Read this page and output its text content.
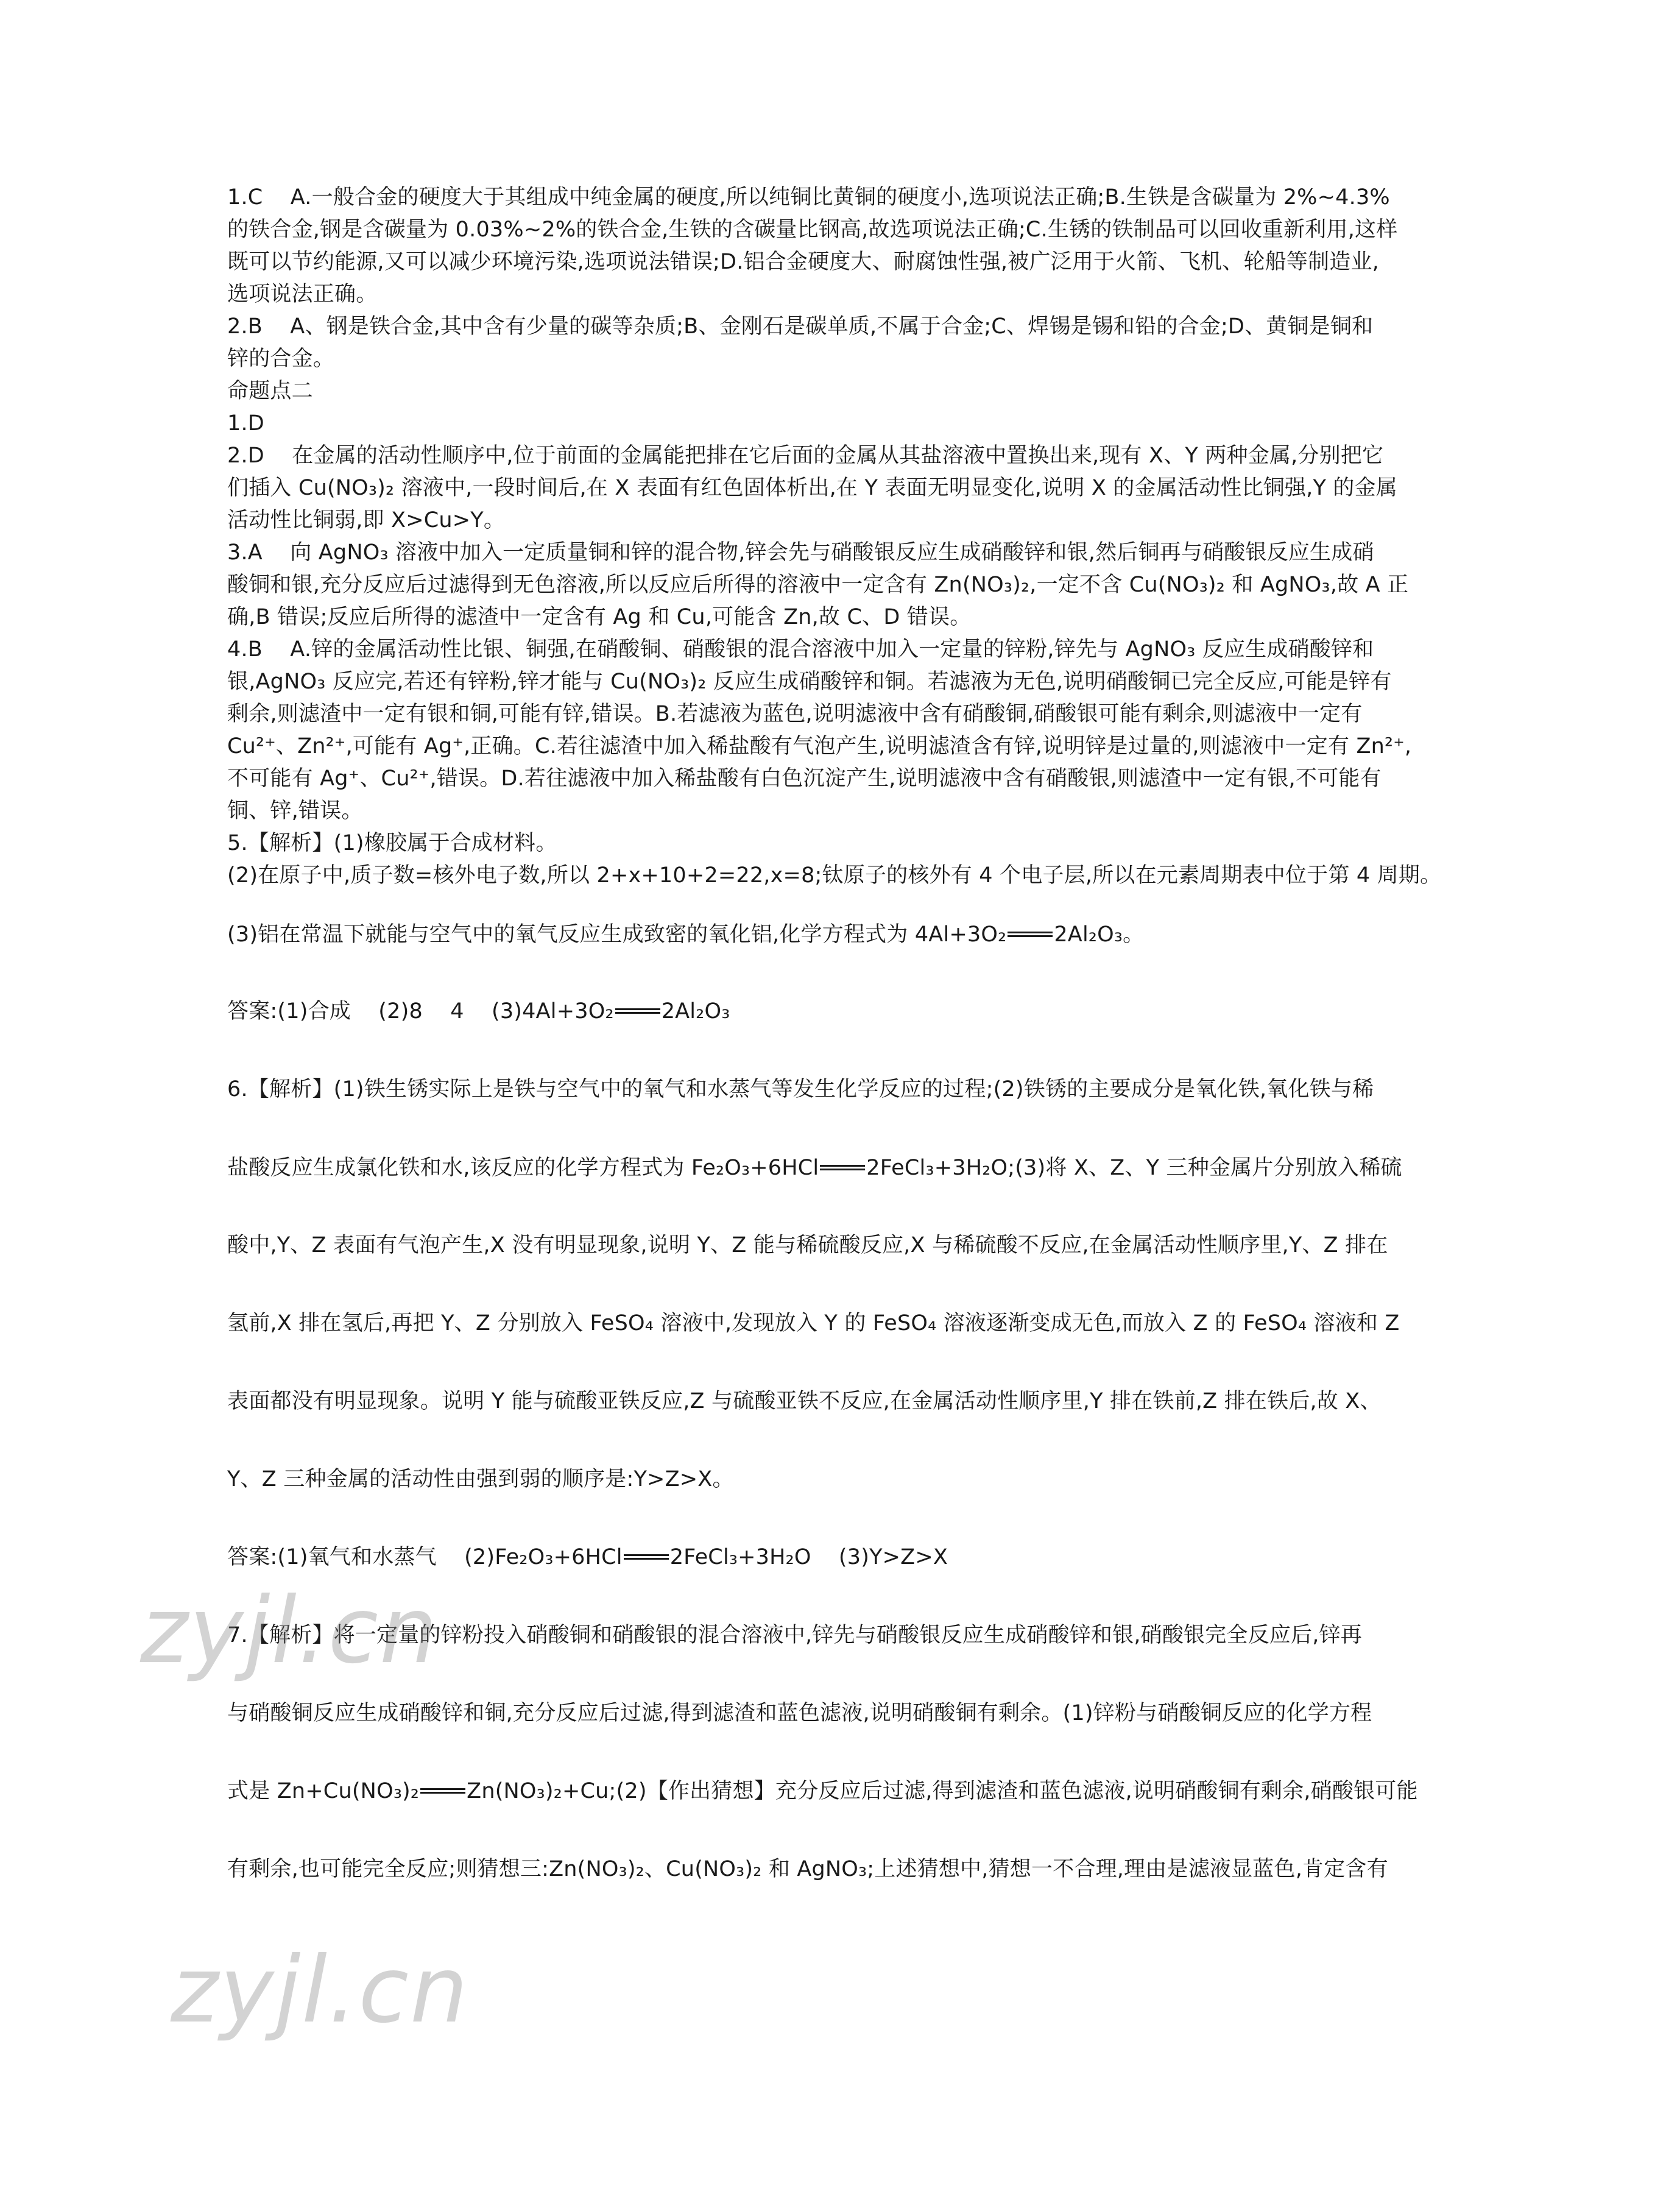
1.C    A.一般合金的硬度大于其组成中纯金属的硬度,所以纯铜比黄铜的硬度小,选项说法正确;B.生铁是含碳量为 2%~4.3%
的铁合金,钢是含碳量为 0.03%~2%的铁合金,生铁的含碳量比钢高,故选项说法正确;C.生锈的铁制品可以回收重新利用,这样
既可以节约能源,又可以减少环境污染,选项说法错误;D.铝合金硬度大、耐腐蚀性强,被广泛用于火箭、飞机、轮船等制造业,
选项说法正确。
2.B    A、钢是铁合金,其中含有少量的碳等杂质;B、金刚石是碳单质,不属于合金;C、焊锡是锡和铅的合金;D、黄铜是铜和
锌的合金。
命题点二
1.D
2.D    在金属的活动性顺序中,位于前面的金属能把排在它后面的金属从其盐溶液中置换出来,现有 X、Y 两种金属,分别把它
们插入 Cu(NO₃)₂ 溶液中,一段时间后,在 X 表面有红色固体析出,在 Y 表面无明显变化,说明 X 的金属活动性比铜强,Y 的金属
活动性比铜弱,即 X>Cu>Y。
3.A    向 AgNO₃ 溶液中加入一定质量铜和锌的混合物,锌会先与硝酸银反应生成硝酸锌和银,然后铜再与硝酸银反应生成硝
酸铜和银,充分反应后过滤得到无色溶液,所以反应后所得的溶液中一定含有 Zn(NO₃)₂,一定不含 Cu(NO₃)₂ 和 AgNO₃,故 A 正
确,B 错误;反应后所得的滤渣中一定含有 Ag 和 Cu,可能含 Zn,故 C、D 错误。
4.B    A.锌的金属活动性比银、铜强,在硝酸铜、硝酸银的混合溶液中加入一定量的锌粉,锌先与 AgNO₃ 反应生成硝酸锌和
银,AgNO₃ 反应完,若还有锌粉,锌才能与 Cu(NO₃)₂ 反应生成硝酸锌和铜。若滤液为无色,说明硝酸铜已完全反应,可能是锌有
剩余,则滤渣中一定有银和铜,可能有锌,错误。B.若滤液为蓝色,说明滤液中含有硝酸铜,硝酸银可能有剩余,则滤液中一定有
Cu²⁺、Zn²⁺,可能有 Ag⁺,正确。C.若往滤渣中加入稀盐酸有气泡产生,说明滤渣含有锌,说明锌是过量的,则滤液中一定有 Zn²⁺,
不可能有 Ag⁺、Cu²⁺,错误。D.若往滤液中加入稀盐酸有白色沉淀产生,说明滤液中含有硝酸银,则滤渣中一定有银,不可能有
铜、锌,错误。
5.【解析】(1)橡胶属于合成材料。
(2)在原子中,质子数=核外电子数,所以 2+x+10+2=22,x=8;钛原子的核外有 4 个电子层,所以在元素周期表中位于第 4 周期。
(3)铝在常温下就能与空气中的氧气反应生成致密的氧化铝,化学方程式为 4Al+3O₂ 2Al₂O₃。
答案:(1)合成    (2)8    4    (3)4Al+3O₂ 2Al₂O₃
6.【解析】(1)铁生锈实际上是铁与空气中的氧气和水蒸气等发生化学反应的过程;(2)铁锈的主要成分是氧化铁,氧化铁与稀
盐酸反应生成氯化铁和水,该反应的化学方程式为 Fe₂O₃+6HCl 2FeCl₃+3H₂O;(3)将 X、Z、Y 三种金属片分别放入稀硫
酸中,Y、Z 表面有气泡产生,X 没有明显现象,说明 Y、Z 能与稀硫酸反应,X 与稀硫酸不反应,在金属活动性顺序里,Y、Z 排在
氢前,X 排在氢后,再把 Y、Z 分别放入 FeSO₄ 溶液中,发现放入 Y 的 FeSO₄ 溶液逐渐变成无色,而放入 Z 的 FeSO₄ 溶液和 Z
表面都没有明显现象。说明 Y 能与硫酸亚铁反应,Z 与硫酸亚铁不反应,在金属活动性顺序里,Y 排在铁前,Z 排在铁后,故 X、
Y、Z 三种金属的活动性由强到弱的顺序是:Y>Z>X。
答案:(1)氧气和水蒸气    (2)Fe₂O₃+6HCl 2FeCl₃+3H₂O    (3)Y>Z>X
7.【解析】将一定量的锌粉投入硝酸铜和硝酸银的混合溶液中,锌先与硝酸银反应生成硝酸锌和银,硝酸银完全反应后,锌再
与硝酸铜反应生成硝酸锌和铜,充分反应后过滤,得到滤渣和蓝色滤液,说明硝酸铜有剩余。(1)锌粉与硝酸铜反应的化学方程
式是 Zn+Cu(NO₃)₂ Zn(NO₃)₂+Cu;(2)【作出猜想】充分反应后过滤,得到滤渣和蓝色滤液,说明硝酸铜有剩余,硝酸银可能
有剩余,也可能完全反应;则猜想三:Zn(NO₃)₂、Cu(NO₃)₂ 和 AgNO₃;上述猜想中,猜想一不合理,理由是滤液显蓝色,肯定含有
zyjl.cn
zyjl.cn
